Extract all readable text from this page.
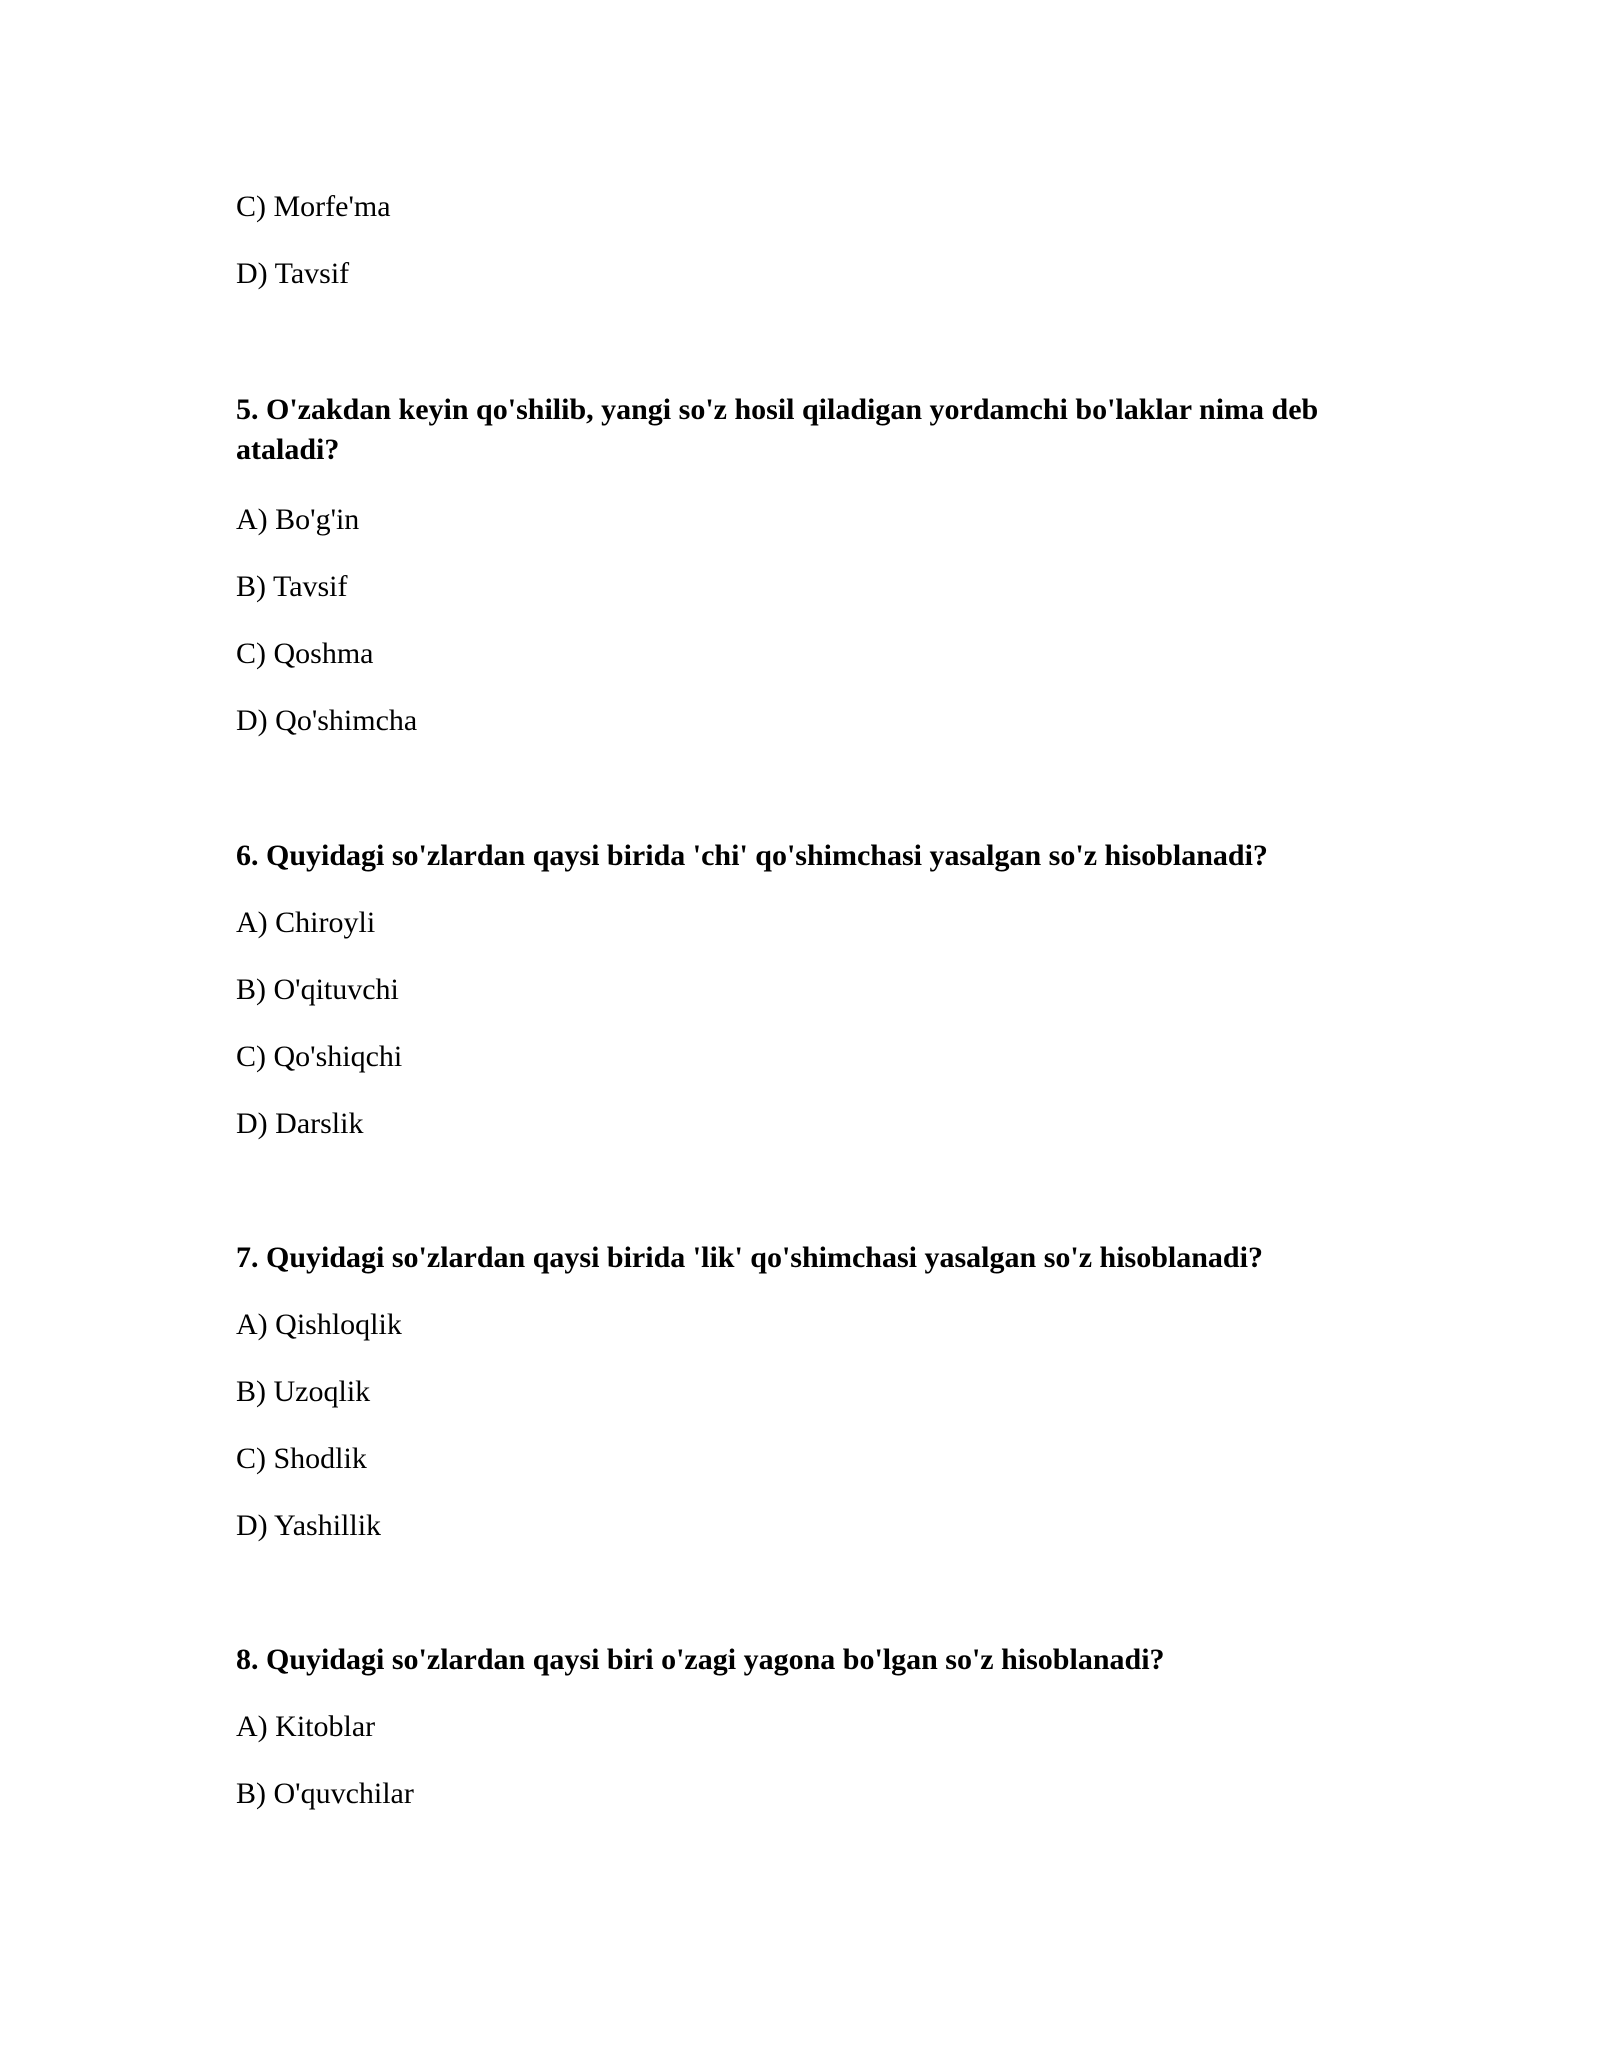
C) Morfe'ma
D) Tavsif
5. O'zakdan keyin qo'shilib, yangi so'z hosil qiladigan yordamchi bo'laklar nima deb ataladi?
A) Bo'g'in
B) Tavsif
C) Qoshma
D) Qo'shimcha
6. Quyidagi so'zlardan qaysi birida 'chi' qo'shimchasi yasalgan so'z hisoblanadi?
A) Chiroyli
B) O'qituvchi
C) Qo'shiqchi
D) Darslik
7. Quyidagi so'zlardan qaysi birida 'lik' qo'shimchasi yasalgan so'z hisoblanadi?
A) Qishloqlik
B) Uzoqlik
C) Shodlik
D) Yashillik
8. Quyidagi so'zlardan qaysi biri o'zagi yagona bo'lgan so'z hisoblanadi?
A) Kitoblar
B) O'quvchilar
